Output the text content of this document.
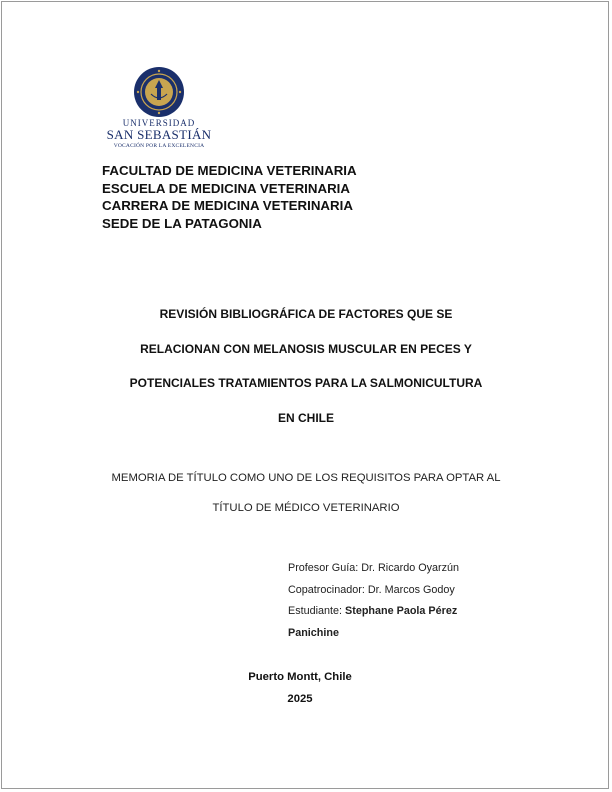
UNIVERSIDAD
SAN SEBASTIÁN
VOCACIÓN POR LA EXCELENCIA
FACULTAD DE MEDICINA VETERINARIA
ESCUELA DE MEDICINA VETERINARIA
CARRERA DE MEDICINA VETERINARIA
SEDE DE LA PATAGONIA
REVISIÓN BIBLIOGRÁFICA DE FACTORES QUE SE
RELACIONAN CON MELANOSIS MUSCULAR EN PECES Y
POTENCIALES TRATAMIENTOS PARA LA SALMONICULTURA
EN CHILE
MEMORIA DE TÍTULO COMO UNO DE LOS REQUISITOS PARA OPTAR AL
TÍTULO DE MÉDICO VETERINARIO
Profesor Guía: Dr. Ricardo Oyarzún
Copatrocinador: Dr. Marcos Godoy
Estudiante: Stephane Paola Pérez
Panichine
Puerto Montt, Chile
2025
